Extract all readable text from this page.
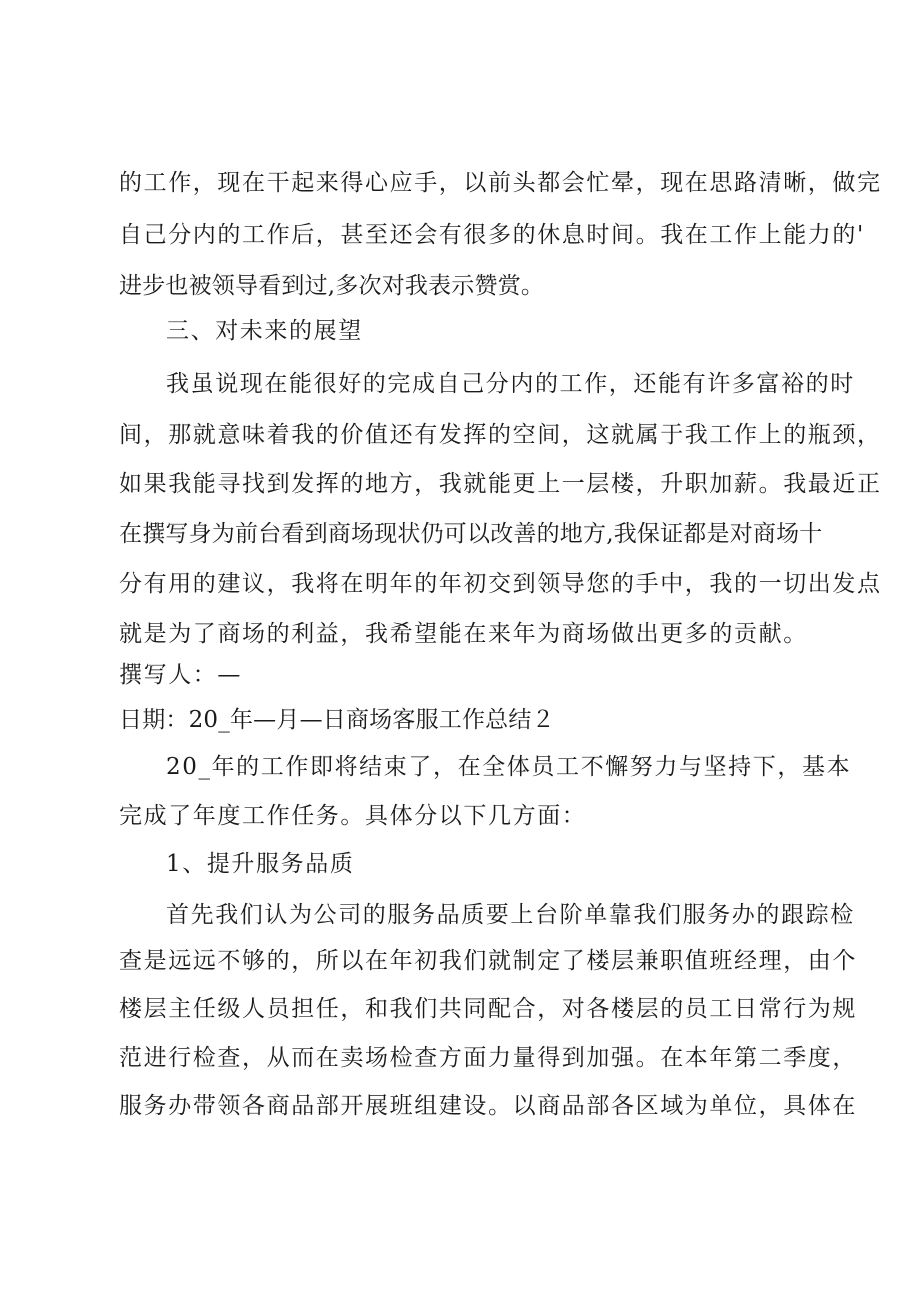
的工作，现在干起来得心应手，以前头都会忙晕，现在思路清晰，做完
自己分内的工作后，甚至还会有很多的休息时间。我在工作上能力的'
进步也被领导看到过,多次对我表示赞赏。
三、对未来的展望
我虽说现在能很好的完成自己分内的工作，还能有许多富裕的时
间，那就意味着我的价值还有发挥的空间，这就属于我工作上的瓶颈，
如果我能寻找到发挥的地方，我就能更上一层楼，升职加薪。我最近正
在撰写身为前台看到商场现状仍可以改善的地方,我保证都是对商场十
分有用的建议，我将在明年的年初交到领导您的手中，我的一切出发点
就是为了商场的利益，我希望能在来年为商场做出更多的贡献。
撰写人：—
日期：20_年—月—日商场客服工作总结２
20_年的工作即将结束了，在全体员工不懈努力与坚持下，基本
完成了年度工作任务。具体分以下几方面：
1、提升服务品质
首先我们认为公司的服务品质要上台阶单靠我们服务办的跟踪检
查是远远不够的，所以在年初我们就制定了楼层兼职值班经理，由个
楼层主任级人员担任，和我们共同配合，对各楼层的员工日常行为规
范进行检查，从而在卖场检查方面力量得到加强。在本年第二季度，
服务办带领各商品部开展班组建设。以商品部各区域为单位，具体在
